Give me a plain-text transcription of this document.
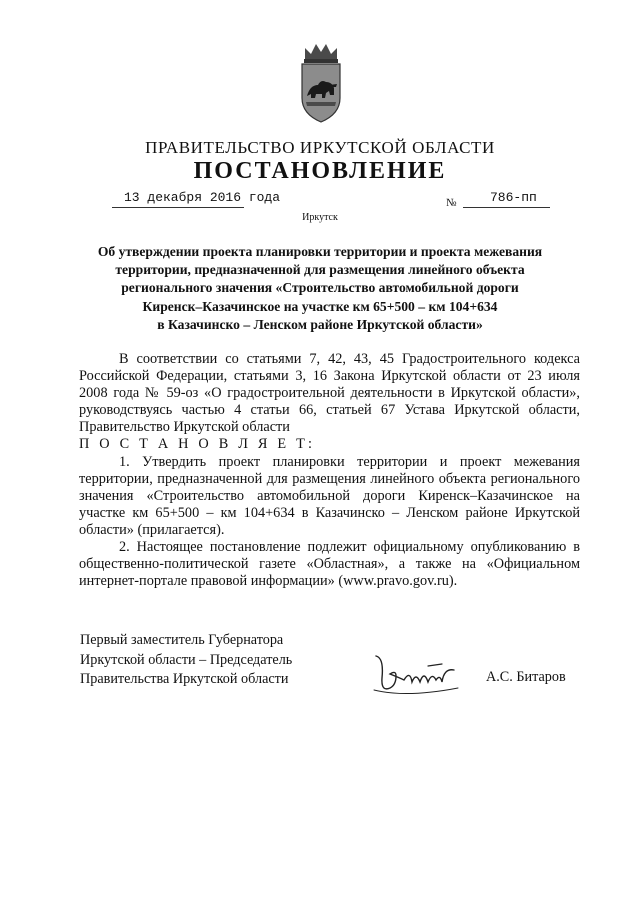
ПРАВИТЕЛЬСТВО ИРКУТСКОЙ ОБЛАСТИ
ПОСТАНОВЛЕНИЕ
13 декабря 2016 года	№	786-пп
Иркутск
Об утверждении проекта планировки территории и проекта межевания
территории, предназначенной для размещения линейного объекта
регионального значения «Строительство автомобильной дороги
Киренск–Казачинское на участке км 65+500 – км 104+634
в Казачинско – Ленском районе Иркутской области»

В соответствии со статьями 7, 42, 43, 45 Градостроительного кодекса Российской Федерации, статьями 3, 16 Закона Иркутской области от 23 июля 2008 года № 59-оз «О градостроительной деятельности в Иркутской области», руководствуясь частью 4 статьи 66, статьей 67 Устава Иркутской области, Правительство Иркутской области

П О С Т А Н О В Л Я Е Т:

1. Утвердить проект планировки территории и проект межевания территории, предназначенной для размещения линейного объекта регионального значения «Строительство автомобильной дороги Киренск–Казачинское на участке км 65+500 – км 104+634 в Казачинско – Ленском районе Иркутской области» (прилагается).

2. Настоящее постановление подлежит официальному опубликованию в общественно-политической газете «Областная», а также на «Официальном интернет-портале правовой информации» (www.pravo.gov.ru).

Первый заместитель Губернатора
Иркутской области – Председатель
Правительства Иркутской области	А.С. Битаров
